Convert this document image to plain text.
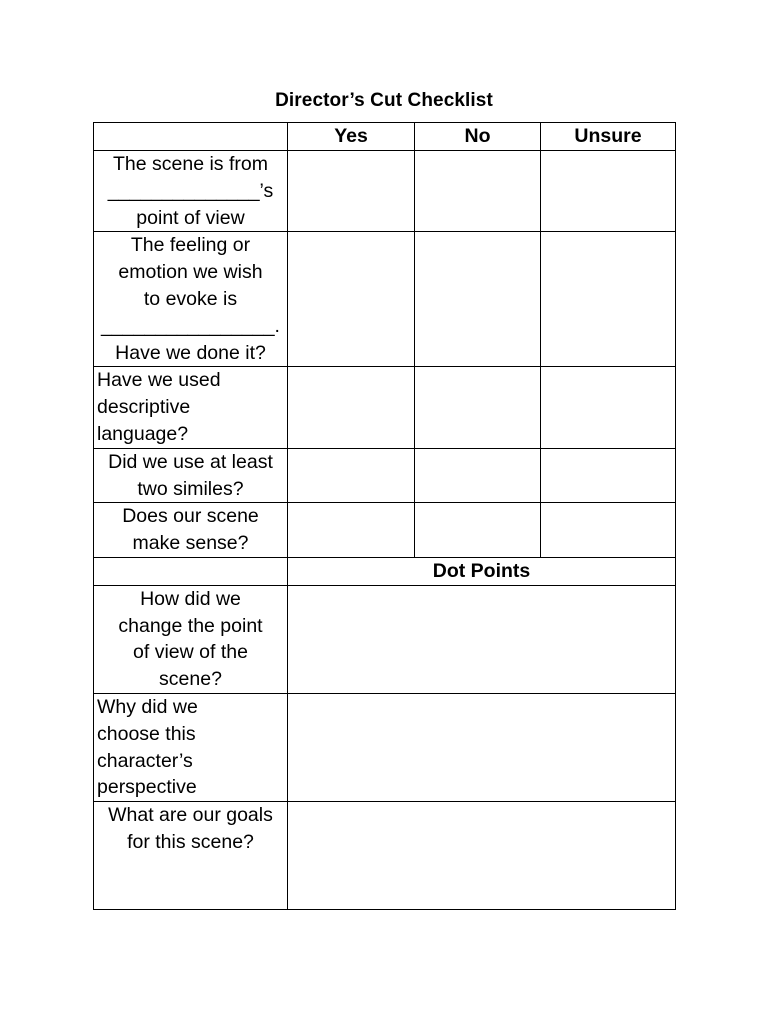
Director’s Cut Checklist
	Yes	No	Unsure

The scene is from
______________’s
point of view			

The feeling or
emotion we wish
to evoke is
________________.
Have we done it?			

Have we used
descriptive
language?			

Did we use at least
two similes?			

Does our scene
make sense?			

	Dot Points		

How did we
change the point
of view of the
scene?			

Why did we
choose this
character’s
perspective			

What are our goals
for this scene?			
